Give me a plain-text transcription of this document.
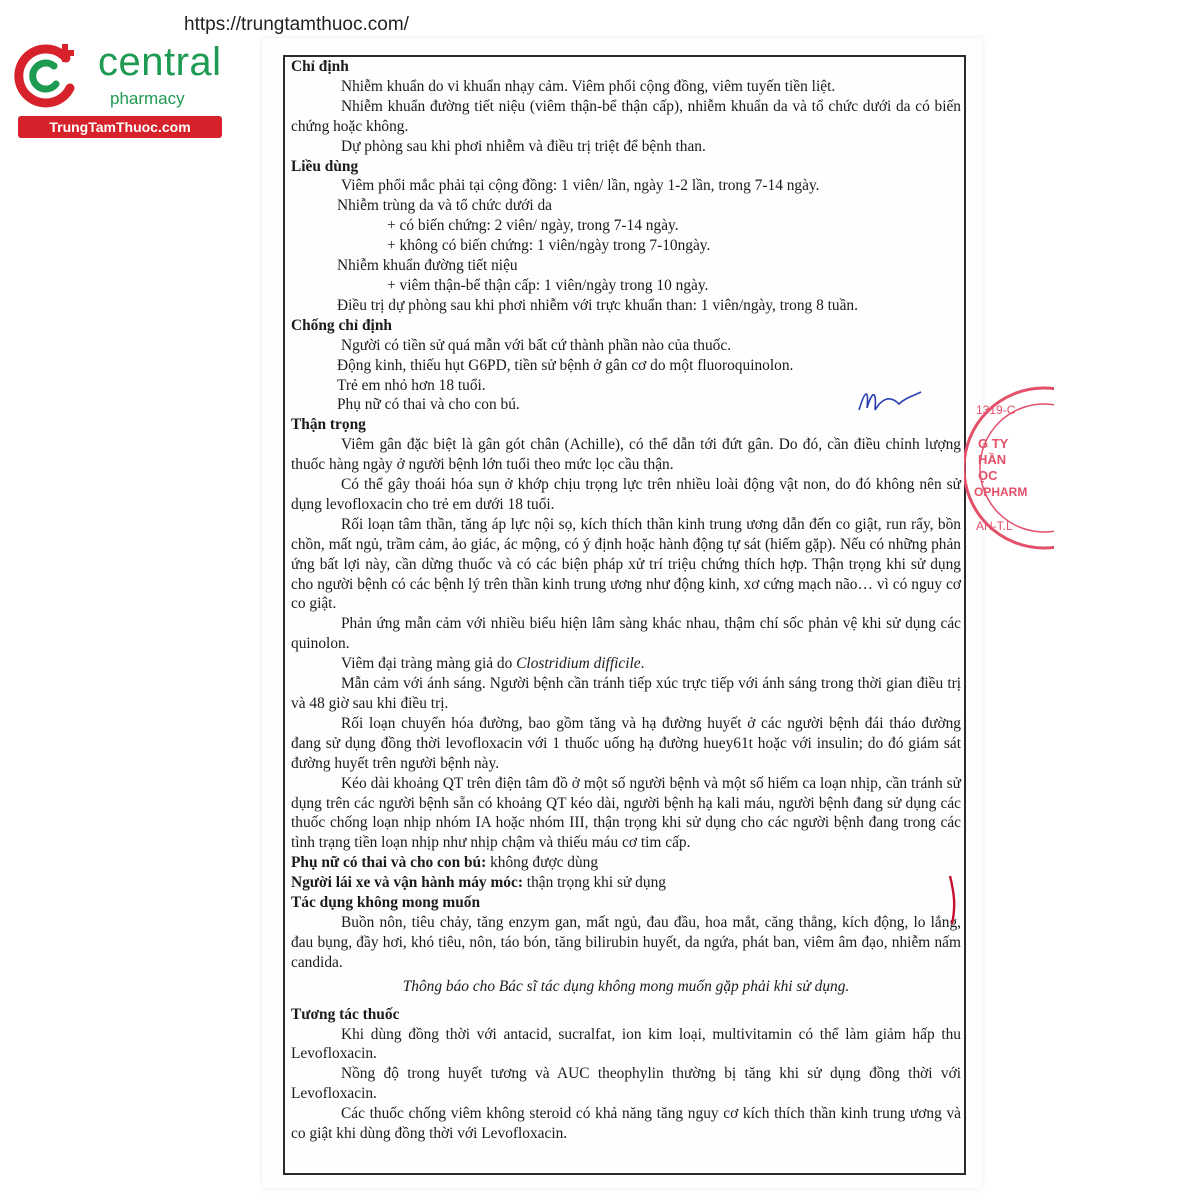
https://trungtamthuoc.com/
central
pharmacy
TrungTamThuoc.com

Chỉ định

Nhiễm khuẩn do vi khuẩn nhạy cảm. Viêm phổi cộng đồng, viêm tuyến tiền liệt.

Nhiễm khuẩn đường tiết niệu (viêm thận-bể thận cấp), nhiễm khuẩn da và tổ chức dưới da có biến chứng hoặc không.

Dự phòng sau khi phơi nhiễm và điều trị triệt để bệnh than.

Liều dùng

Viêm phổi mắc phải tại cộng đồng: 1 viên/ lần, ngày 1-2 lần, trong 7-14 ngày.

Nhiễm trùng da và tổ chức dưới da

+ có biến chứng: 2 viên/ ngày, trong 7-14 ngày.

+ không có biến chứng: 1 viên/ngày trong 7-10ngày.

Nhiễm khuẩn đường tiết niệu

+ viêm thận-bể thận cấp: 1 viên/ngày trong 10 ngày.

Điều trị dự phòng sau khi phơi nhiễm với trực khuẩn than: 1 viên/ngày, trong 8 tuần.

Chống chỉ định

Người có tiền sử quá mẫn với bất cứ thành phần nào của thuốc.

Động kinh, thiếu hụt G6PD, tiền sử bệnh ở gân cơ do một fluoroquinolon.

Trẻ em nhỏ hơn 18 tuổi.

Phụ nữ có thai và cho con bú.

Thận trọng

Viêm gân đặc biệt là gân gót chân (Achille), có thể dẫn tới đứt gân. Do đó, cần điều chỉnh lượng thuốc hàng ngày ở người bệnh lớn tuổi theo mức lọc cầu thận.

Có thể gây thoái hóa sụn ở khớp chịu trọng lực trên nhiều loài động vật non, do đó không nên sử dụng levofloxacin cho trẻ em dưới 18 tuổi.

Rối loạn tâm thần, tăng áp lực nội sọ, kích thích thần kinh trung ương dẫn đến co giật, run rẩy, bồn chồn, mất ngủ, trầm cảm, ảo giác, ác mộng, có ý định hoặc hành động tự sát (hiếm gặp). Nếu có những phản ứng bất lợi này, cần dừng thuốc và có các biện pháp xử trí triệu chứng thích hợp. Thận trọng khi sử dụng cho người bệnh có các bệnh lý trên thần kinh trung ương như động kinh, xơ cứng mạch não… vì có nguy cơ co giật.

Phản ứng mẫn cảm với nhiều biểu hiện lâm sàng khác nhau, thậm chí sốc phản vệ khi sử dụng các quinolon.

Viêm đại tràng màng giả do Clostridium difficile.

Mẫn cảm với ánh sáng. Người bệnh cần tránh tiếp xúc trực tiếp với ánh sáng trong thời gian điều trị và 48 giờ sau khi điều trị.

Rối loạn chuyển hóa đường, bao gồm tăng và hạ đường huyết ở các người bệnh đái tháo đường đang sử dụng đồng thời levofloxacin với 1 thuốc uống hạ đường huey61t hoặc với insulin; do đó giám sát đường huyết trên người bệnh này.

Kéo dài khoảng QT trên điện tâm đồ ở một số người bệnh và một số hiếm ca loạn nhịp, cần tránh sử dụng trên các người bệnh sẵn có khoảng QT kéo dài, người bệnh hạ kali máu, người bệnh đang sử dụng các thuốc chống loạn nhịp nhóm IA hoặc nhóm III, thận trọng khi sử dụng cho các người bệnh đang trong các tình trạng tiền loạn nhịp như nhịp chậm và thiếu máu cơ tim cấp.

Phụ nữ có thai và cho con bú: không được dùng

Người lái xe và vận hành máy móc: thận trọng khi sử dụng

Tác dụng không mong muốn

Buồn nôn, tiêu chảy, tăng enzym gan, mất ngủ, đau đầu, hoa mắt, căng thẳng, kích động, lo lắng, đau bụng, đầy hơi, khó tiêu, nôn, táo bón, tăng bilirubin huyết, da ngứa, phát ban, viêm âm đạo, nhiễm nấm candida.

Thông báo cho Bác sĩ tác dụng không mong muốn gặp phải khi sử dụng.

Tương tác thuốc

Khi dùng đồng thời với antacid, sucralfat, ion kim loại, multivitamin có thể làm giảm hấp thu Levofloxacin.

Nồng độ trong huyết tương và AUC theophylin thường bị tăng khi sử dụng đồng thời với Levofloxacin.

Các thuốc chống viêm không steroid có khả năng tăng nguy cơ kích thích thần kinh trung ương và co giật khi dùng đồng thời với Levofloxacin.

1319-C
G TY
HẦN
ỌC
OPHARM
AN-T.L
